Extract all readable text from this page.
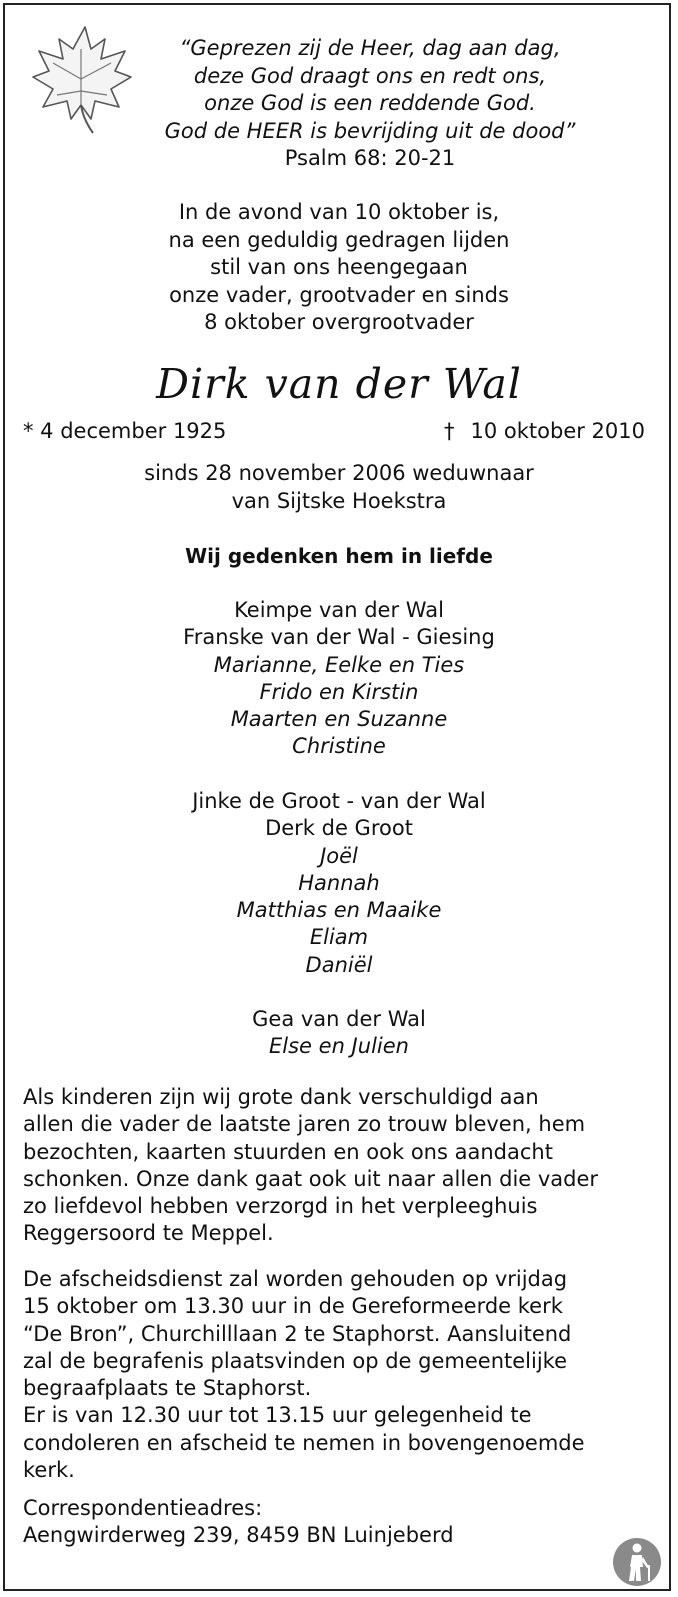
“Geprezen zij de Heer, dag aan dag,
deze God draagt ons en redt ons,
onze God is een reddende God.
God de HEER is bevrijding uit de dood”
Psalm 68: 20-21
In de avond van 10 oktober is,
na een geduldig gedragen lijden
stil van ons heengegaan
onze vader, grootvader en sinds
8 oktober overgrootvader
Dirk van der Wal
* 4 december 1925	† 10 oktober 2010
sinds 28 november 2006 weduwnaar
van Sijtske Hoekstra
Wij gedenken hem in liefde
Keimpe van der Wal
Franske van der Wal - Giesing
Marianne, Eelke en Ties
Frido en Kirstin
Maarten en Suzanne
Christine
Jinke de Groot - van der Wal
Derk de Groot
Joël
Hannah
Matthias en Maaike
Eliam
Daniël
Gea van der Wal
Else en Julien
Als kinderen zijn wij grote dank verschuldigd aan
allen die vader de laatste jaren zo trouw bleven, hem
bezochten, kaarten stuurden en ook ons aandacht
schonken. Onze dank gaat ook uit naar allen die vader
zo liefdevol hebben verzorgd in het verpleeghuis
Reggersoord te Meppel.
De afscheidsdienst zal worden gehouden op vrijdag
15 oktober om 13.30 uur in de Gereformeerde kerk
“De Bron”, Churchilllaan 2 te Staphorst. Aansluitend
zal de begrafenis plaatsvinden op de gemeentelijke
begraafplaats te Staphorst.
Er is van 12.30 uur tot 13.15 uur gelegenheid te
condoleren en afscheid te nemen in bovengenoemde
kerk.
Correspondentieadres:
Aengwirderweg 239, 8459 BN Luinjeberd
